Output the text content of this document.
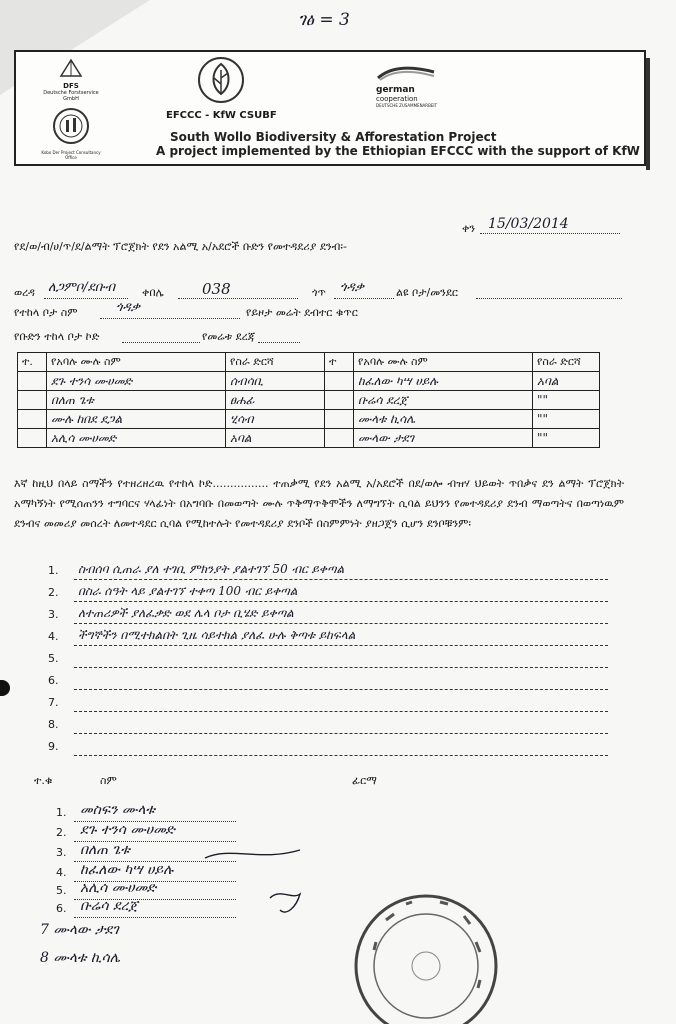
ገፅ = 3
DFS
Deutsche Forstservice GmbH
Kobo Der Project Consultancy Office
EFCCC - KfW CSUBF
german
cooperation
DEUTSCHE ZUSAMMENARBEIT
South Wollo Biodiversity & Afforestation Project
A project implemented by the Ethiopian EFCCC with the support of KfW
ቀን 15/03/2014
የደ/ወ/ብ/ሀ/ጥ/ደ/ልማት ፕሮጀክት የደን አልሚ አ/አደሮች ቡድን የመተዳደሪያ ደንብ፡-
ወረዳ ለጋምቦ/ደቡብ ቀበሌ	038	ጎጥ ጎዳቃ	ልዩ ቦታ/መንደር
የተከላ ቦታ ስም	ጎዳቃ	የይዞታ መሬት ደብተር ቁጥር
የቡድን ተከላ ቦታ ኮድ	የመሬቱ ደረጃ
ተ.	የአባሉ ሙሉ ስም	የስራ ድርሻ	ተ	የአባሉ ሙሉ ስም	የስራ ድርሻ
	ደጉ ተንሳ ሙሀመድ	ሰብሳቢ		ከፈለው ካሣ ሀይሉ	አባል
	በለጠ ጌቱ	ፀሐፊ		ቡሬሳ ደረጀ	""
	ሙሉ ከበደ ደጋል	ሂሳብ		ሙላቱ ኪሳሌ	""
	አሊሳ ሙሀመድ	አባል		ሙላው ታደገ	""
እኛ ከዚህ በላይ ስማችን የተዘረዘረዉ የተከላ ኮድ................ ተጠቃሚ የደን አልሚ አ/አደሮች በደ/ወሎ ብዝሃ ህይወት ጥበቃና ደን ልማት ፕሮጀክት አማካኝነት የሚሰጠንን ተግባርና ሃላፊነት በአግባቡ በመወጣት ሙሉ ጥቅማጥቅሞችን ለማግኘት ሲባል ይህንን የመተዳደሪያ ደንብ ማወጣትና በወጣነዉም ደንብና መመሪያ መሰረት ለመተዳደር ሲባል የሚከተሉት የመተዳደሪያ ደንቦች በስምምነት ያዘጋጀን ሲሆን ደንቦቹንም፡
1. ስብሰባ ሲጠራ ያለ ተገቢ ምክንያት ያልተገኘ 50 ብር ይቀጣል
2. በስራ ሰዓት ላይ ያልተገኘ ተቀጣ 100 ብር ይቀጣል
3. ለተጠሪዎች ያለፈቃድ ወደ ሌላ ቦታ ቢሄድ ይቀጣል
4. ችግኞችን በሚተክልበት ጊዜ ሳይተክል ያለፈ ሁሉ ቅጣቱ ይከፍላል
5.
6.
7.
8.
9.
ተ.ቁ	ስም	ፊርማ
1. መስፍን ሙላቱ
2. ደጉ ተንሳ ሙሀመድ
3. በለጠ ጌቱ
4. ከፈለው ካሣ ሀይሉ
5. አሊሳ ሙሀመድ
6. ቡሬሳ ደረጀ
7 ሙላው ታደገ
8 ሙላቱ ኪሳሌ
